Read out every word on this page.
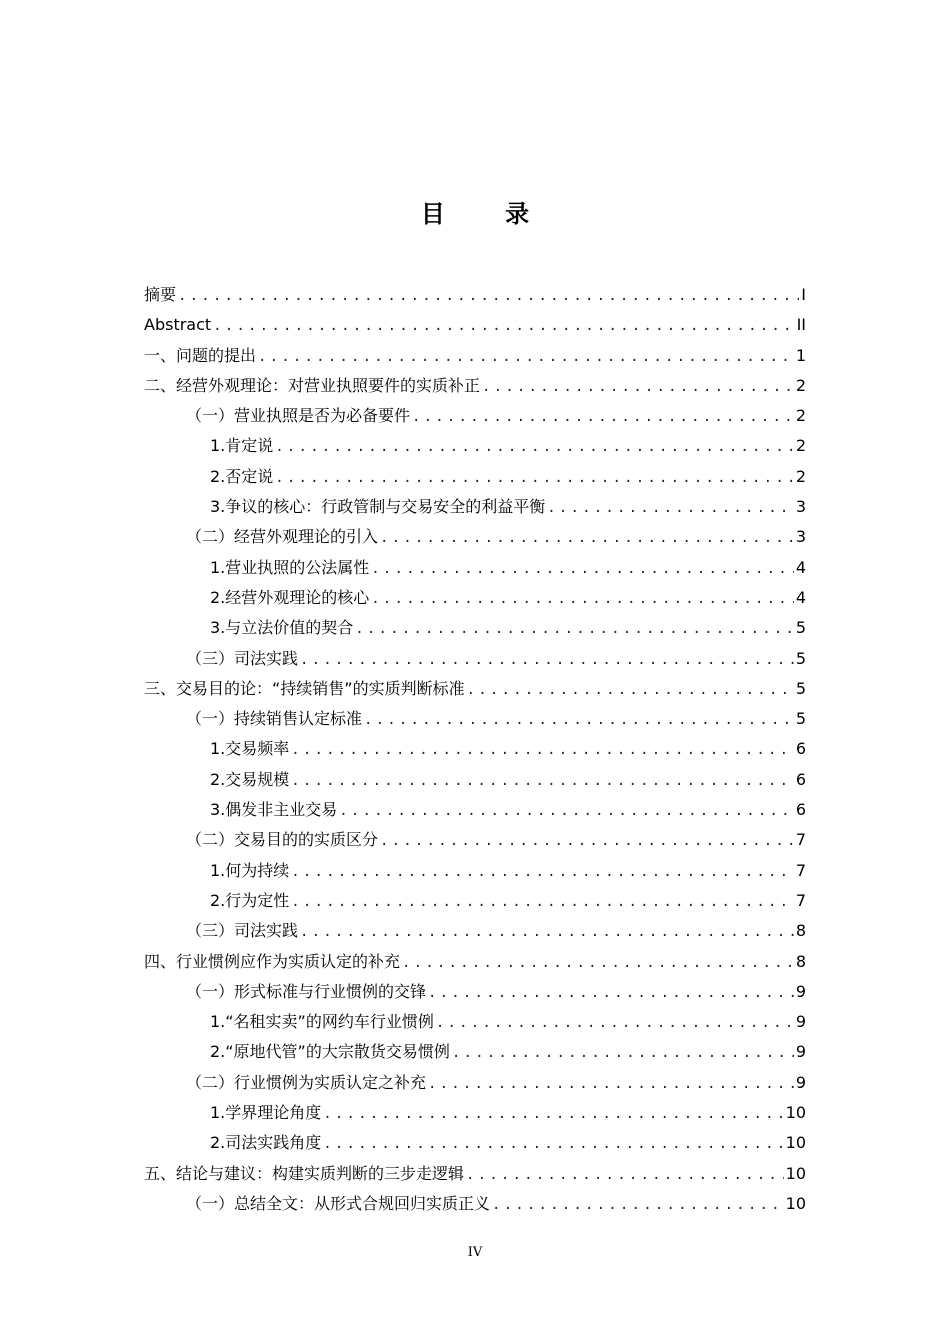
目 录
摘要 .....	I
Abstract .....	II
一、问题的提出 .....	1
二、经营外观理论：对营业执照要件的实质补正 .....	2
（一）营业执照是否为必备要件 .....	2
1.肯定说 .....	2
2.否定说 .....	2
3.争议的核心：行政管制与交易安全的利益平衡 .....	3
（二）经营外观理论的引入 .....	3
1.营业执照的公法属性 .....	4
2.经营外观理论的核心 .....	4
3.与立法价值的契合 .....	5
（三）司法实践 .....	5
三、交易目的论：“持续销售”的实质判断标准 .....	5
（一）持续销售认定标准 .....	5
1.交易频率 .....	6
2.交易规模 .....	6
3.偶发非主业交易 .....	6
（二）交易目的的实质区分 .....	7
1.何为持续 .....	7
2.行为定性 .....	7
（三）司法实践 .....	8
四、行业惯例应作为实质认定的补充 .....	8
（一）形式标准与行业惯例的交锋 .....	9
1.“名租实卖”的网约车行业惯例 .....	9
2.“原地代管”的大宗散货交易惯例 .....	9
（二）行业惯例为实质认定之补充 .....	9
1.学界理论角度 .....	10
2.司法实践角度 .....	10
五、结论与建议：构建实质判断的三步走逻辑 .....	10
（一）总结全文：从形式合规回归实质正义 .....	10
IV
